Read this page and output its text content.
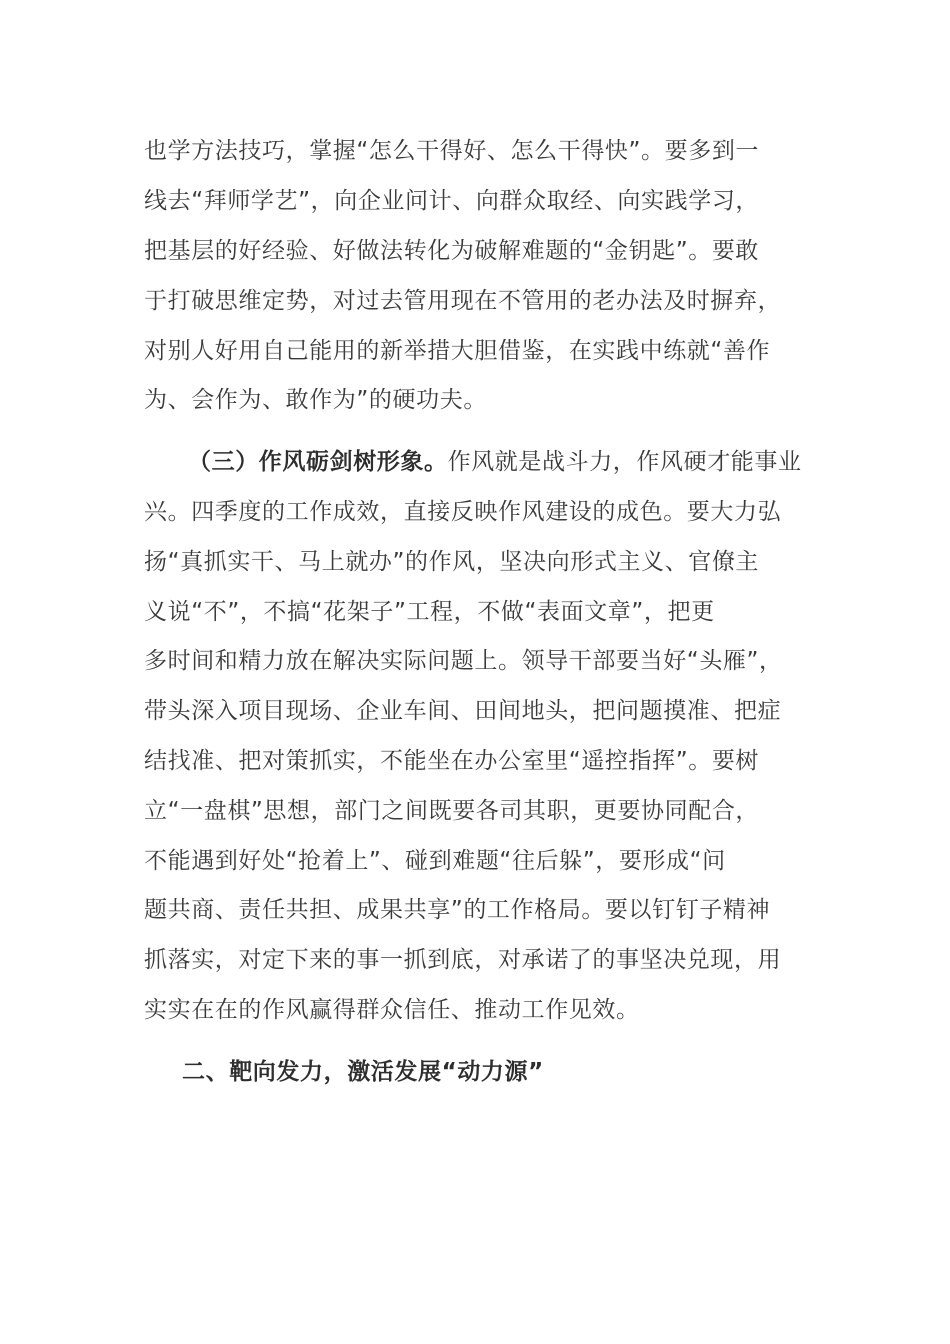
也学方法技巧，掌握“怎么干得好、怎么干得快”。要多到一
线去“拜师学艺”，向企业问计、向群众取经、向实践学习，
把基层的好经验、好做法转化为破解难题的“金钥匙”。要敢
于打破思维定势，对过去管用现在不管用的老办法及时摒弃，
对别人好用自己能用的新举措大胆借鉴，在实践中练就“善作
为、会作为、敢作为”的硬功夫。
（三）作风砺剑树形象。作风就是战斗力，作风硬才能事业
兴。四季度的工作成效，直接反映作风建设的成色。要大力弘
扬“真抓实干、马上就办”的作风，坚决向形式主义、官僚主
义说“不”，不搞“花架子”工程，不做“表面文章”，把更
多时间和精力放在解决实际问题上。领导干部要当好“头雁”，
带头深入项目现场、企业车间、田间地头，把问题摸准、把症
结找准、把对策抓实，不能坐在办公室里“遥控指挥”。要树
立“一盘棋”思想，部门之间既要各司其职，更要协同配合，
不能遇到好处“抢着上”、碰到难题“往后躲”，要形成“问
题共商、责任共担、成果共享”的工作格局。要以钉钉子精神
抓落实，对定下来的事一抓到底，对承诺了的事坚决兑现，用
实实在在的作风赢得群众信任、推动工作见效。
二、靶向发力，激活发展“动力源”
